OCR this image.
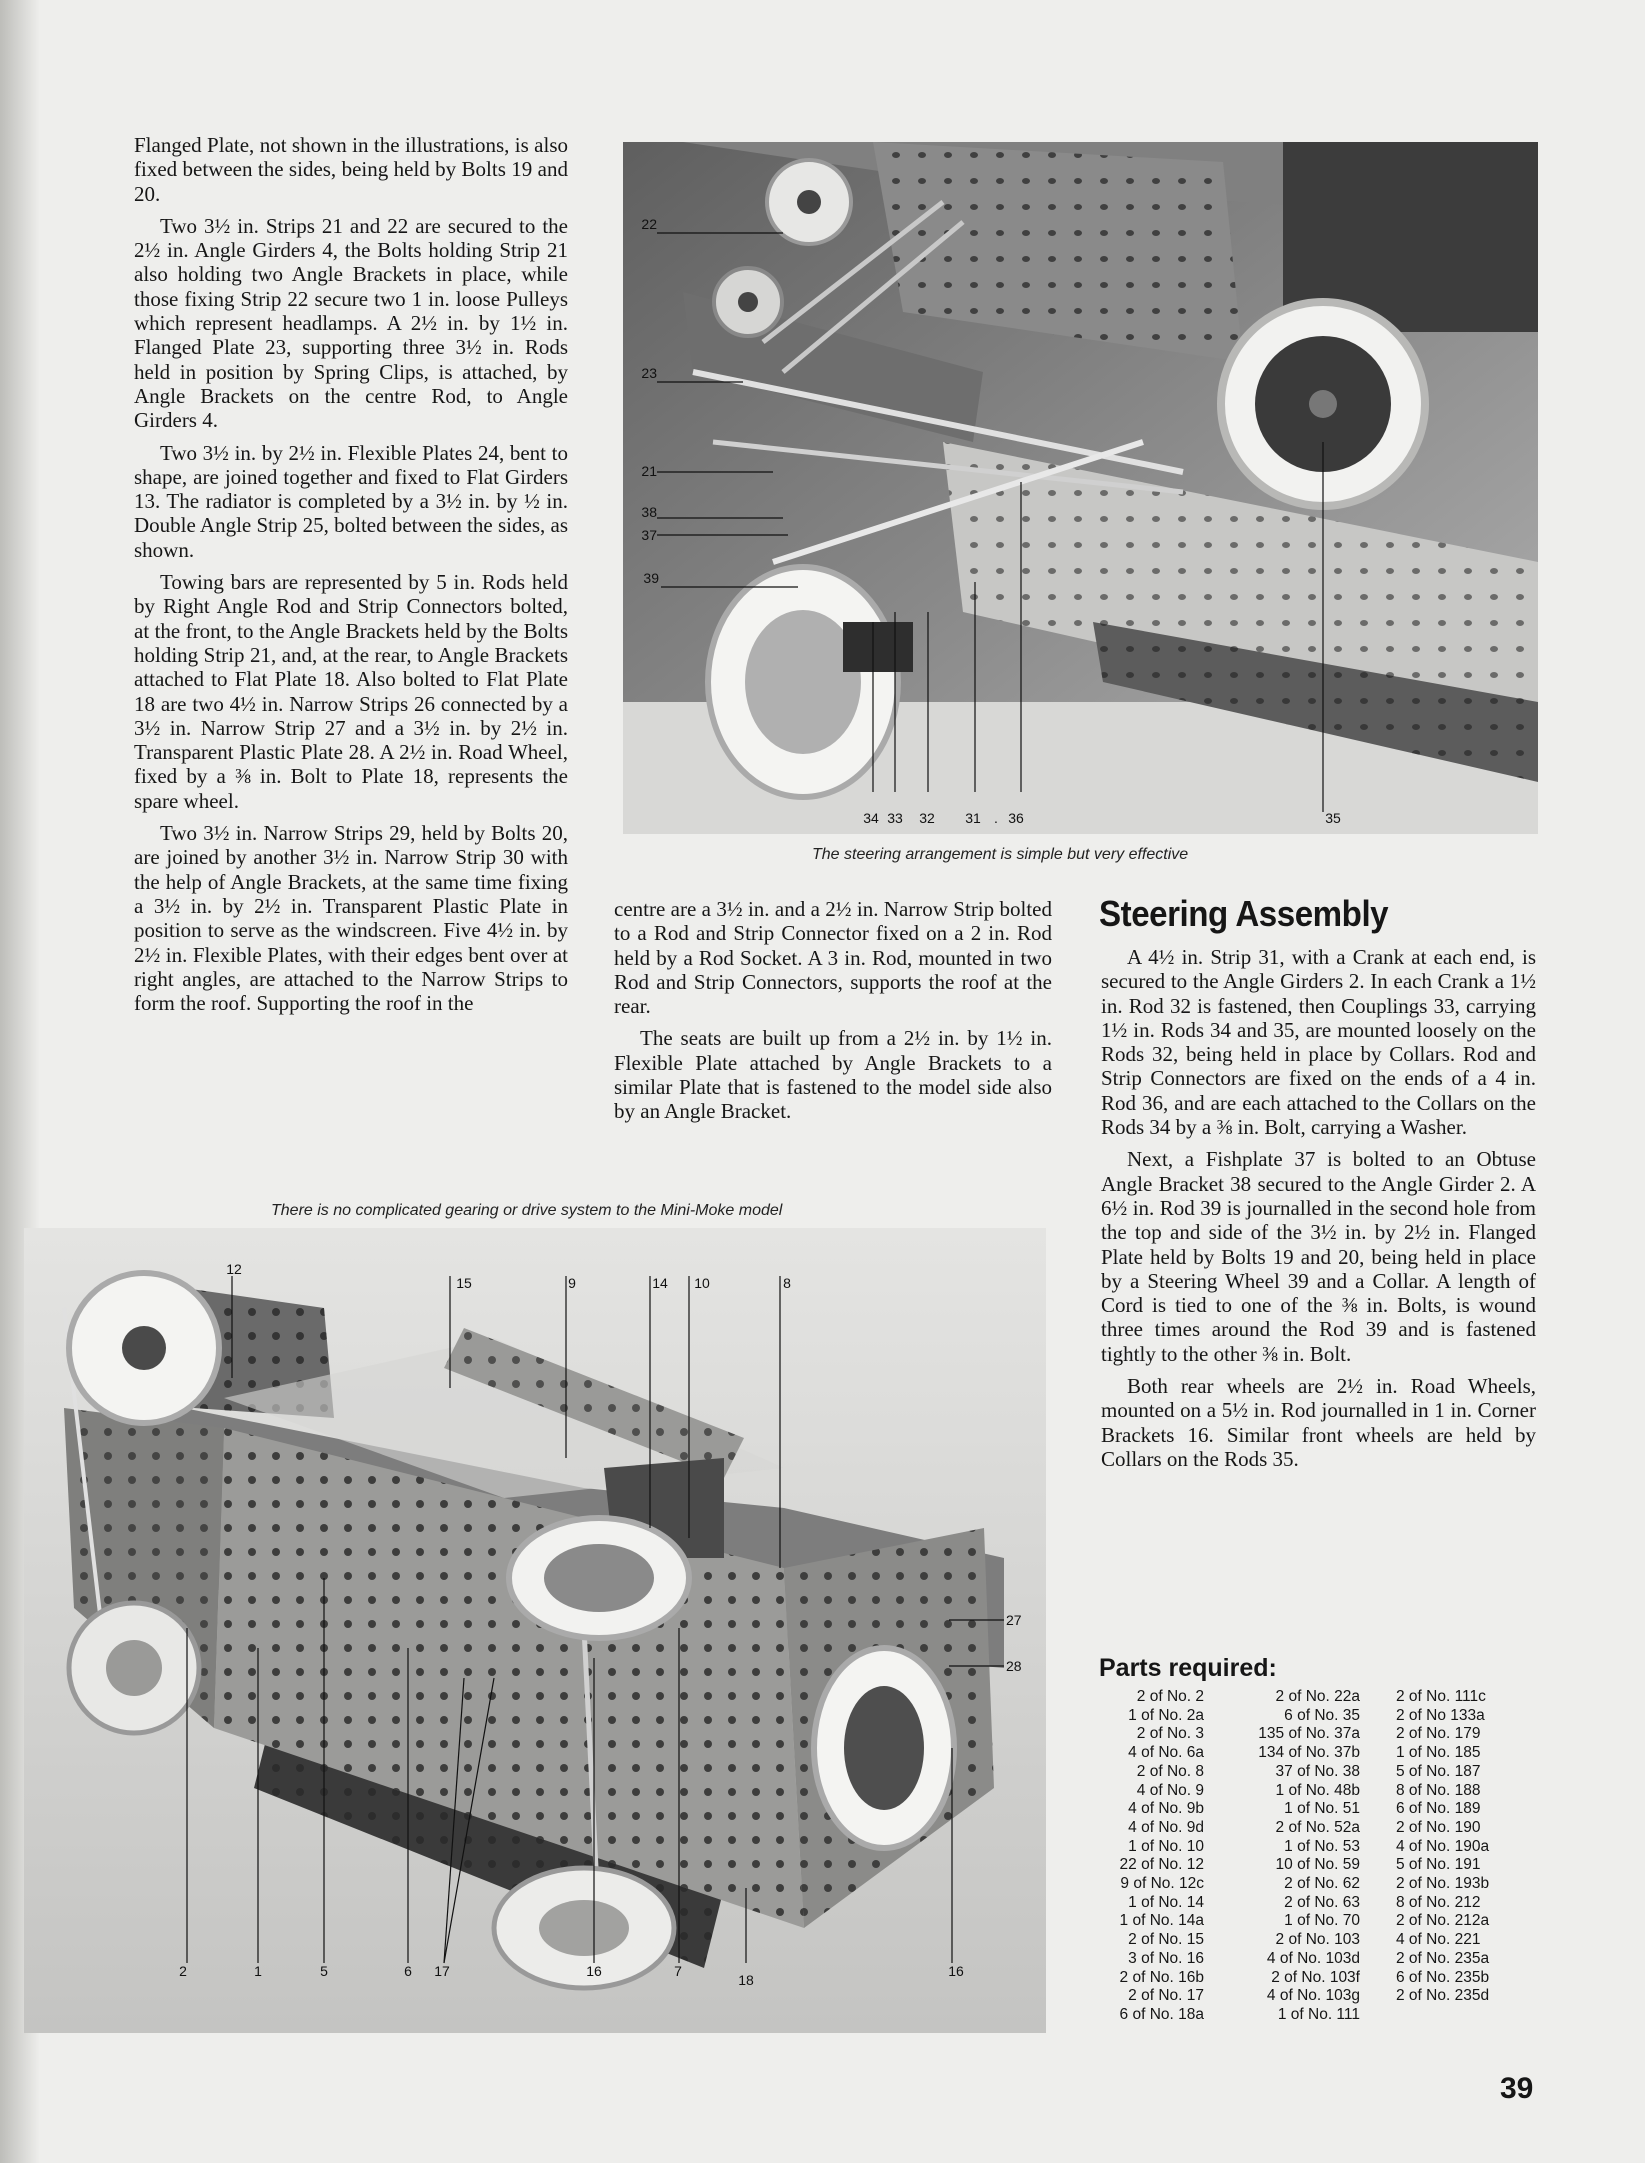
Flanged Plate, not shown in the illustrations, is also fixed between the sides, being held by Bolts 19 and 20.

Two 3½ in. Strips 21 and 22 are secured to the 2½ in. Angle Girders 4, the Bolts holding Strip 21 also holding two Angle Brackets in place, while those fixing Strip 22 secure two 1 in. loose Pulleys which represent headlamps. A 2½ in. by 1½ in. Flanged Plate 23, supporting three 3½ in. Rods held in position by Spring Clips, is attached, by Angle Brackets on the centre Rod, to Angle Girders 4.

Two 3½ in. by 2½ in. Flexible Plates 24, bent to shape, are joined together and fixed to Flat Girders 13. The radiator is completed by a 3½ in. by ½ in. Double Angle Strip 25, bolted between the sides, as shown.

Towing bars are represented by 5 in. Rods held by Right Angle Rod and Strip Connectors bolted, at the front, to the Angle Brackets held by the Bolts holding Strip 21, and, at the rear, to Angle Brackets attached to Flat Plate 18. Also bolted to Flat Plate 18 are two 4½ in. Narrow Strips 26 connected by a 3½ in. Narrow Strip 27 and a 3½ in. by 2½ in. Transparent Plastic Plate 28. A 2½ in. Road Wheel, fixed by a ⅜ in. Bolt to Plate 18, represents the spare wheel.

Two 3½ in. Narrow Strips 29, held by Bolts 20, are joined by another 3½ in. Narrow Strip 30 with the help of Angle Brackets, at the same time fixing a 3½ in. by 2½ in. Transparent Plastic Plate in position to serve as the windscreen. Five 4½ in. by 2½ in. Flexible Plates, with their edges bent over at right angles, are attached to the Narrow Strips to form the roof. Supporting the roof in the

centre are a 3½ in. and a 2½ in. Narrow Strip bolted to a Rod and Strip Connector fixed on a 2 in. Rod held by a Rod Socket. A 3 in. Rod, mounted in two Rod and Strip Connectors, supports the roof at the rear.

The seats are built up from a 2½ in. by 1½ in. Flexible Plate attached by Angle Brackets to a similar Plate that is fastened to the model side also by an Angle Bracket.

22
23
21
38
37
39
34 33 32 31 . 36	35
The steering arrangement is simple but very effective
There is no complicated gearing or drive system to the Mini-Moke model
12
15	9	14 10	8
27
28
2	1	5	6 17	16	7
18
16
Steering Assembly

A 4½ in. Strip 31, with a Crank at each end, is secured to the Angle Girders 2. In each Crank a 1½ in. Rod 32 is fastened, then Couplings 33, carrying 1½ in. Rods 34 and 35, are mounted loosely on the Rods 32, being held in place by Collars. Rod and Strip Connectors are fixed on the ends of a 4 in. Rod 36, and are each attached to the Collars on the Rods 34 by a ⅜ in. Bolt, carrying a Washer.

Next, a Fishplate 37 is bolted to an Obtuse Angle Bracket 38 secured to the Angle Girder 2. A 6½ in. Rod 39 is journalled in the second hole from the top and side of the 3½ in. by 2½ in. Flanged Plate held by Bolts 19 and 20, being held in place by a Steering Wheel 39 and a Collar. A length of Cord is tied to one of the ⅜ in. Bolts, is wound three times around the Rod 39 and is fastened tightly to the other ⅜ in. Bolt.

Both rear wheels are 2½ in. Road Wheels, mounted on a 5½ in. Rod journalled in 1 in. Corner Brackets 16. Similar front wheels are held by Collars on the Rods 35.

Parts required:
2 of No. 2
1 of No. 2a
2 of No. 3
4 of No. 6a
2 of No. 8
4 of No. 9
4 of No. 9b
4 of No. 9d
1 of No. 10
22 of No. 12
9 of No. 12c
1 of No. 14
1 of No. 14a
2 of No. 15
3 of No. 16
2 of No. 16b
2 of No. 17
6 of No. 18a
2 of No. 22a
6 of No. 35
135 of No. 37a
134 of No. 37b
37 of No. 38
1 of No. 48b
1 of No. 51
2 of No. 52a
1 of No. 53
10 of No. 59
2 of No. 62
2 of No. 63
1 of No. 70
2 of No. 103
4 of No. 103d
2 of No. 103f
4 of No. 103g
1 of No. 111
2 of No. 111c
2 of No 133a
2 of No. 179
1 of No. 185
5 of No. 187
8 of No. 188
6 of No. 189
2 of No. 190
4 of No. 190a
5 of No. 191
2 of No. 193b
8 of No. 212
2 of No. 212a
4 of No. 221
2 of No. 235a
6 of No. 235b
2 of No. 235d
39
